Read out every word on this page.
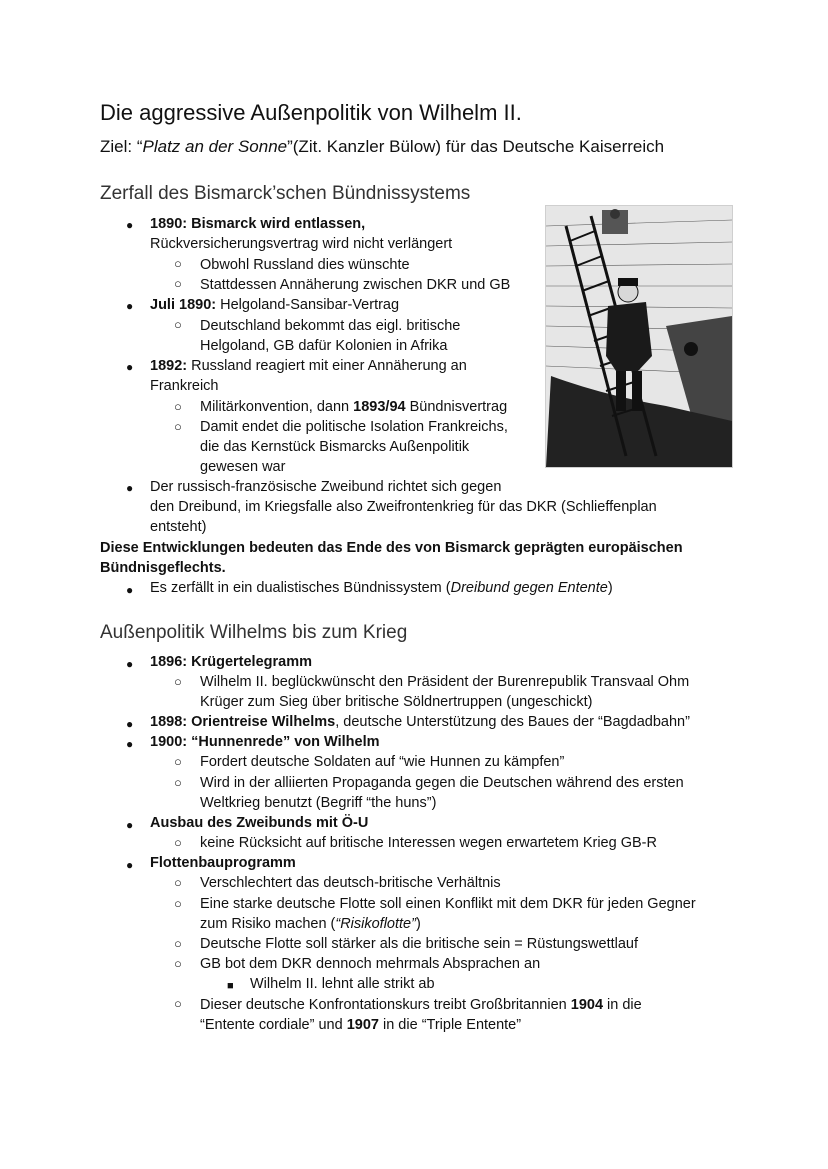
Die aggressive Außenpolitik von Wilhelm II.
Ziel: “Platz an der Sonne”(Zit. Kanzler Bülow) für das Deutsche Kaiserreich
Zerfall des Bismarck’schen Bündnissystems
●
1890: Bismarck wird entlassen,
Rückversicherungsvertrag wird nicht verlängert
○
Obwohl Russland dies wünschte
○
Stattdessen Annäherung zwischen DKR und GB
●
Juli 1890: Helgoland-Sansibar-Vertrag
○
Deutschland bekommt das eigl. britische
Helgoland, GB dafür Kolonien in Afrika
●
1892: Russland reagiert mit einer Annäherung an
Frankreich
○
Militärkonvention, dann 1893/94 Bündnisvertrag
○
Damit endet die politische Isolation Frankreichs,
die das Kernstück Bismarcks Außenpolitik
gewesen war
●
Der russisch-französische Zweibund richtet sich gegen
den Dreibund, im Kriegsfalle also Zweifrontenkrieg für das DKR (Schlieffenplan
entsteht)
Diese Entwicklungen bedeuten das Ende des von Bismarck geprägten europäischen
Bündnisgeflechts.
●
Es zerfällt in ein dualistisches Bündnissystem (Dreibund gegen Entente)
Außenpolitik Wilhelms bis zum Krieg
●
1896: Krügertelegramm
○
Wilhelm II. beglückwünscht den Präsident der Burenrepublik Transvaal Ohm
Krüger zum Sieg über britische Söldnertruppen (ungeschickt)
●
1898: Orientreise Wilhelms, deutsche Unterstützung des Baues der “Bagdadbahn”
●
1900: “Hunnenrede” von Wilhelm
○
Fordert deutsche Soldaten auf “wie Hunnen zu kämpfen”
○
Wird in der alliierten Propaganda gegen die Deutschen während des ersten
Weltkrieg benutzt (Begriff “the huns”)
●
Ausbau des Zweibunds mit Ö-U
○
keine Rücksicht auf britische Interessen wegen erwartetem Krieg GB-R
●
Flottenbauprogramm
○
Verschlechtert das deutsch-britische Verhältnis
○
Eine starke deutsche Flotte soll einen Konflikt mit dem DKR für jeden Gegner
zum Risiko machen (“Risikoflotte”)
○
Deutsche Flotte soll stärker als die britische sein = Rüstungswettlauf
○
GB bot dem DKR dennoch mehrmals Absprachen an
■
Wilhelm II. lehnt alle strikt ab
○
Dieser deutsche Konfrontationskurs treibt Großbritannien 1904 in die
“Entente cordiale” und 1907 in die “Triple Entente”
